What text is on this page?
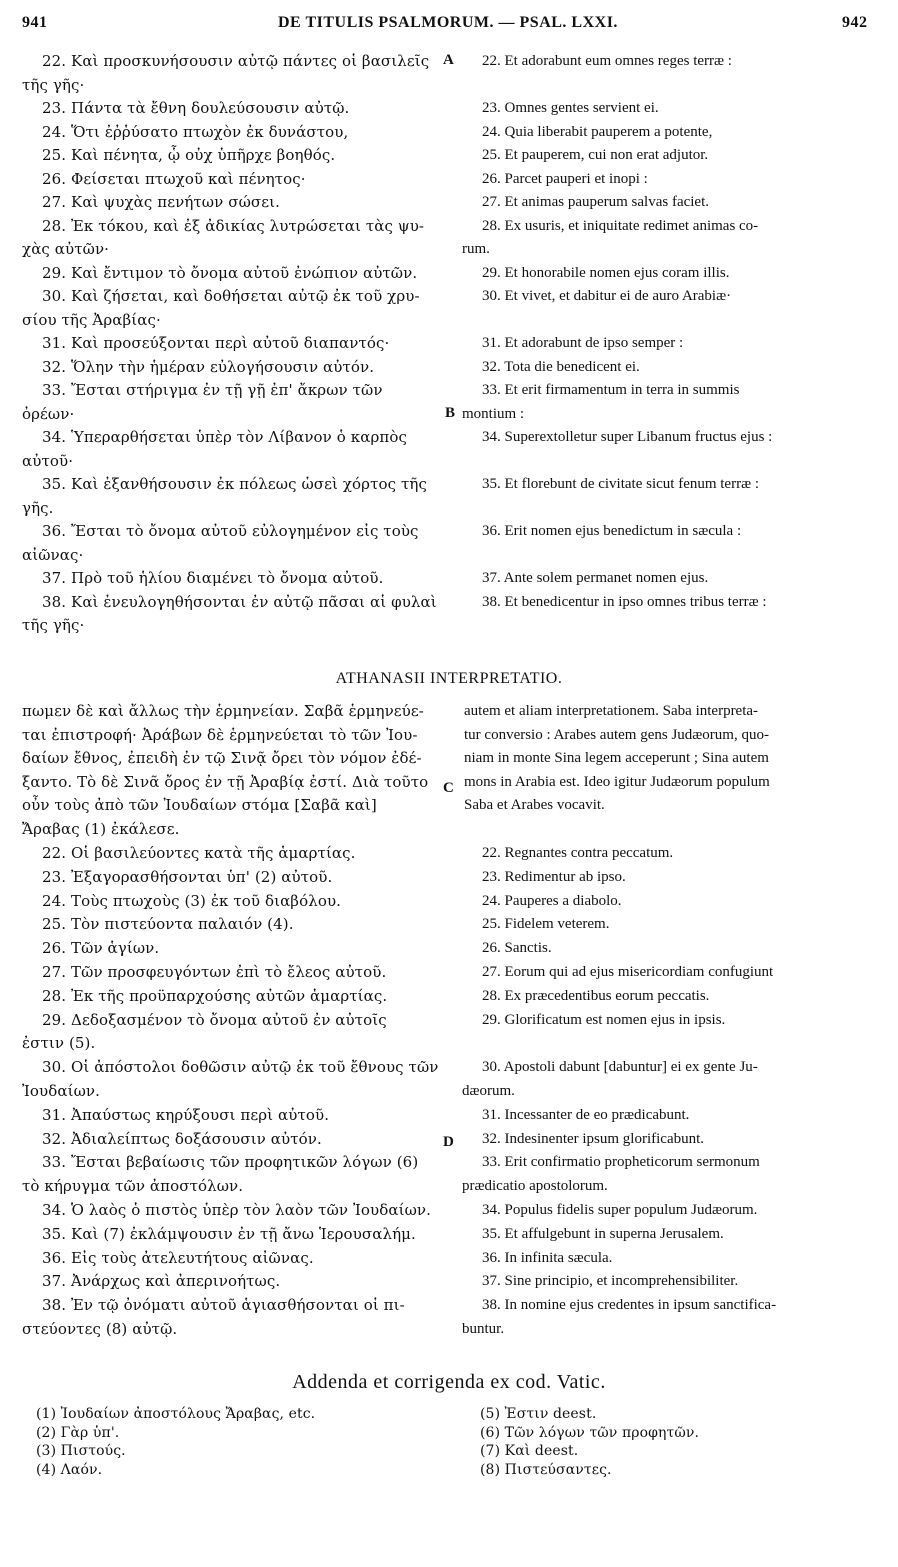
941	DE TITULIS PSALMORUM. — PSAL. LXXI.	942
22. Καὶ προσκυνήσουσιν αὐτῷ πάντες οἱ βασιλεῖς
τῆς γῆς·
23. Πάντα τὰ ἔθνη δουλεύσουσιν αὐτῷ.
24. Ὅτι ἐῤῥύσατο πτωχὸν ἐκ δυνάστου,
25. Καὶ πένητα, ᾧ οὐχ ὑπῆρχε βοηθός.
26. Φείσεται πτωχοῦ καὶ πένητος·
27. Καὶ ψυχὰς πενήτων σώσει.
28. Ἐκ τόκου, καὶ ἐξ ἀδικίας λυτρώσεται τὰς ψυ-
χὰς αὐτῶν·
29. Καὶ ἔντιμον τὸ ὄνομα αὐτοῦ ἐνώπιον αὐτῶν.
30. Καὶ ζήσεται, καὶ δοθήσεται αὐτῷ ἐκ τοῦ χρυ-
σίου τῆς Ἀραβίας·
31. Καὶ προσεύξονται περὶ αὐτοῦ διαπαντός·
32. Ὅλην τὴν ἡμέραν εὐλογήσουσιν αὐτόν.
33. Ἔσται στήριγμα ἐν τῇ γῇ ἐπ' ἄκρων τῶν
ὀρέων·
34. Ὑπεραρθήσεται ὑπὲρ τὸν Λίβανον ὁ καρπὸς
αὐτοῦ·
35. Καὶ ἐξανθήσουσιν ἐκ πόλεως ὡσεὶ χόρτος τῆς
γῆς.
36. Ἔσται τὸ ὄνομα αὐτοῦ εὐλογημένον εἰς τοὺς
αἰῶνας·
37. Πρὸ τοῦ ἡλίου διαμένει τὸ ὄνομα αὐτοῦ.
38. Καὶ ἐνευλογηθήσονται ἐν αὐτῷ πᾶσαι αἱ φυλαὶ
τῆς γῆς·
22. Et adorabunt eum omnes reges terræ :

23. Omnes gentes servient ei.
24. Quia liberabit pauperem a potente,
25. Et pauperem, cui non erat adjutor.
26. Parcet pauperi et inopi :
27. Et animas pauperum salvas faciet.
28. Ex usuris, et iniquitate redimet animas co-
rum.
29. Et honorabile nomen ejus coram illis.
30. Et vivet, et dabitur ei de auro Arabiæ·

31. Et adorabunt de ipso semper :
32. Tota die benedicent ei.
33. Et erit firmamentum in terra in summis
montium :
34. Superextolletur super Libanum fructus ejus :

35. Et florebunt de civitate sicut fenum terræ :

36. Erit nomen ejus benedictum in sæcula :

37. Ante solem permanet nomen ejus.
38. Et benedicentur in ipso omnes tribus terræ :

A
B
ATHANASII INTERPRETATIO.
πωμεν δὲ καὶ ἄλλως τὴν ἑρμηνείαν. Σαβᾶ ἑρμηνεύε-
ται ἐπιστροφή· Ἀράβων δὲ ἑρμηνεύεται τὸ τῶν Ἰου-
δαίων ἔθνος, ἐπειδὴ ἐν τῷ Σινᾷ ὄρει τὸν νόμον ἐδέ-
ξαντο. Τὸ δὲ Σινᾶ ὄρος ἐν τῇ Ἀραβίᾳ ἐστί. Διὰ τοῦτο
οὖν τοὺς ἀπὸ τῶν Ἰουδαίων στόμα [Σαβᾶ καὶ]
Ἄραβας (1) ἐκάλεσε.
autem et aliam interpretationem. Saba interpreta-
tur conversio : Arabes autem gens Judæorum, quo-
niam in monte Sina legem acceperunt ; Sina autem
mons in Arabia est. Ideo igitur Judæorum populum
Saba et Arabes vocavit.

C
22. Οἱ βασιλεύοντες κατὰ τῆς ἁμαρτίας.
23. Ἐξαγορασθήσονται ὑπ' (2) αὐτοῦ.
24. Τοὺς πτωχοὺς (3) ἐκ τοῦ διαβόλου.
25. Τὸν πιστεύοντα παλαιόν (4).
26. Τῶν ἁγίων.
27. Τῶν προσφευγόντων ἐπὶ τὸ ἔλεος αὐτοῦ.
28. Ἐκ τῆς προϋπαρχούσης αὐτῶν ἁμαρτίας.
29. Δεδοξασμένον τὸ ὄνομα αὐτοῦ ἐν αὐτοῖς
ἐστιν (5).
30. Οἱ ἀπόστολοι δοθῶσιν αὐτῷ ἐκ τοῦ ἔθνους τῶν
Ἰουδαίων.
31. Ἀπαύστως κηρύξουσι περὶ αὐτοῦ.
32. Ἀδιαλείπτως δοξάσουσιν αὐτόν.
33. Ἔσται βεβαίωσις τῶν προφητικῶν λόγων (6)
τὸ κήρυγμα τῶν ἀποστόλων.
34. Ὁ λαὸς ὁ πιστὸς ὑπὲρ τὸν λαὸν τῶν Ἰουδαίων.
35. Καὶ (7) ἐκλάμψουσιν ἐν τῇ ἄνω Ἱερουσαλήμ.
36. Εἰς τοὺς ἀτελευτήτους αἰῶνας.
37. Ἀνάρχως καὶ ἀπερινοήτως.
38. Ἐν τῷ ὀνόματι αὐτοῦ ἁγιασθήσονται οἱ πι-
στεύοντες (8) αὐτῷ.
22. Regnantes contra peccatum.
23. Redimentur ab ipso.
24. Pauperes a diabolo.
25. Fidelem veterem.
26. Sanctis.
27. Eorum qui ad ejus misericordiam confugiunt
28. Ex præcedentibus eorum peccatis.
29. Glorificatum est nomen ejus in ipsis.

30. Apostoli dabunt [dabuntur] ei ex gente Ju-
dæorum.
31. Incessanter de eo prædicabunt.
32. Indesinenter ipsum glorificabunt.
33. Erit confirmatio propheticorum sermonum
prædicatio apostolorum.
34. Populus fidelis super populum Judæorum.
35. Et affulgebunt in superna Jerusalem.
36. In infinita sæcula.
37. Sine principio, et incomprehensibiliter.
38. In nomine ejus credentes in ipsum sanctifica-
buntur.
D
Addenda et corrigenda ex cod. Vatic.
(1) Ἰουδαίων ἀποστόλους Ἄραβας, etc.
(2) Γὰρ ὑπ'.
(3) Πιστούς.
(4) Λαόν.
(5) Ἐστιν deest.
(6) Τῶν λόγων τῶν προφητῶν.
(7) Καὶ deest.
(8) Πιστεύσαντες.
